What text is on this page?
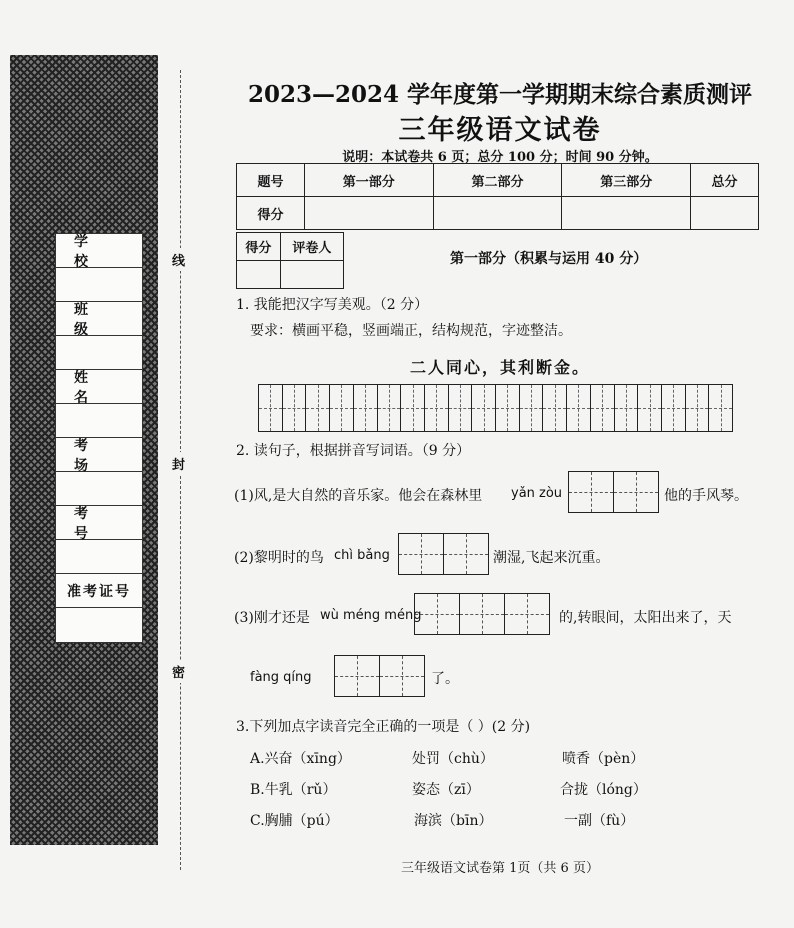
学 校
班 级
姓 名
考 场
考 号
准考证号
线
封
密
2023—2024 学年度第一学期期末综合素质测评
三年级语文试卷
说明：本试卷共 6 页；总分 100 分；时间 90 分钟。
题号	第一部分	第二部分	第三部分	总分
得分				
得分	评卷人

第一部分（积累与运用 40 分）
1. 我能把汉字写美观。（2 分）
要求：横画平稳，竖画端正，结构规范，字迹整洁。
二人同心，其利断金。
2. 读句子，根据拼音写词语。（9 分）
(1)风,是大自然的音乐家。他会在森林里 yǎn zòu	他的手风琴。
(2)黎明时的鸟 chì bǎng	潮湿,飞起来沉重。
(3)刚才还是 wù méng méng	的,转眼间，太阳出来了，天
fàng qíng	了。
3.下列加点字读音完全正确的一项是（ ）(2 分)
A.兴奋（xīng）	处罚（chù）	喷香（pèn）
B.牛乳（rǔ）	姿态（zī）	合拢（lóng）
C.胸脯（pú）	海滨（bīn）	一副（fù）
三年级语文试卷第 1页（共 6 页）
